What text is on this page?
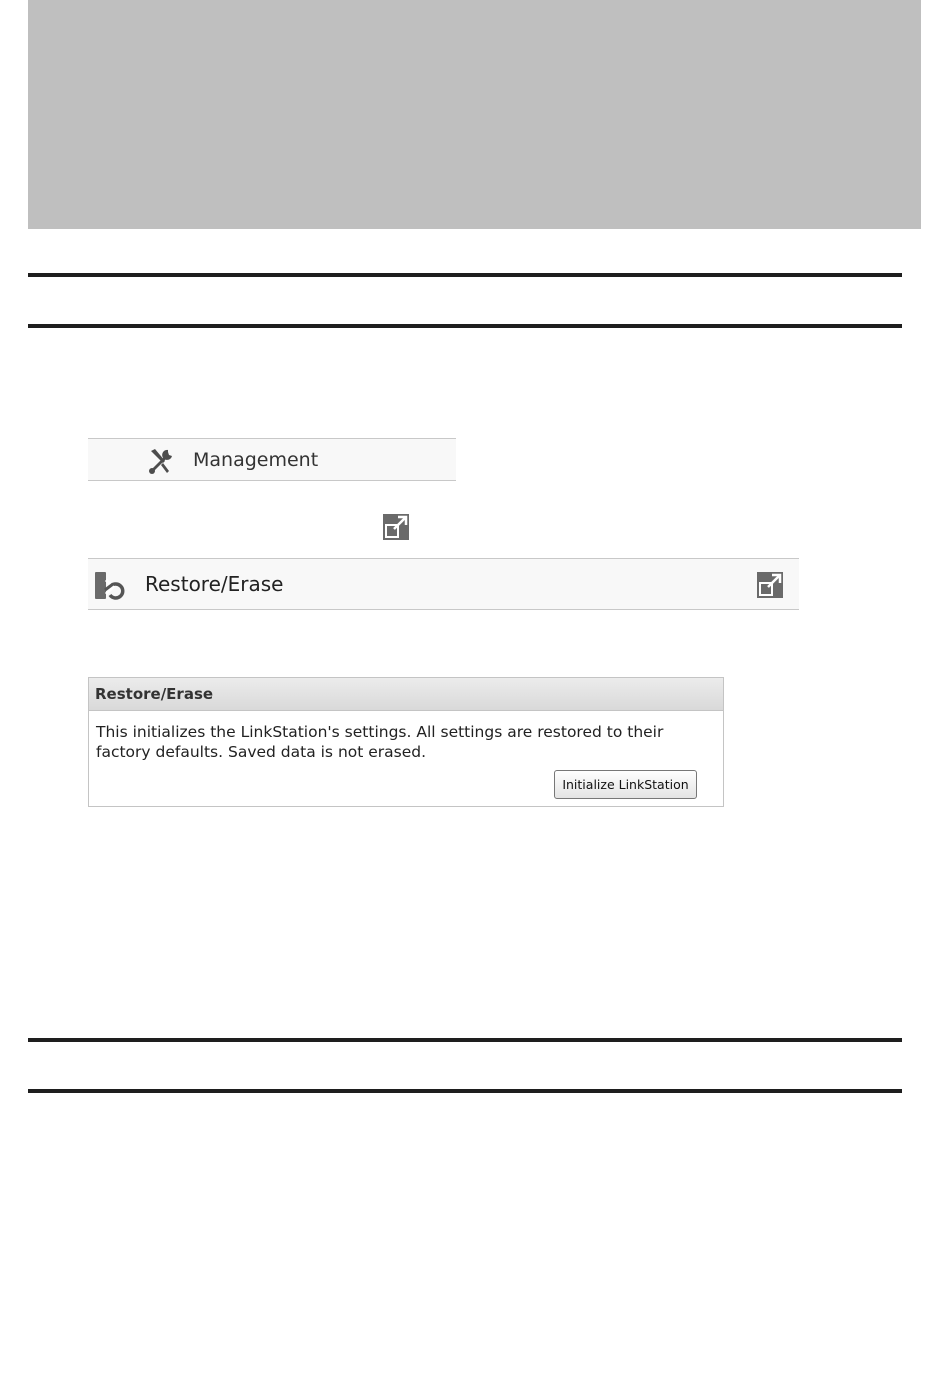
Management
Restore/Erase
Restore/Erase
This initializes the LinkStation's settings. All settings are restored to their factory defaults. Saved data is not erased.
Initialize LinkStation
